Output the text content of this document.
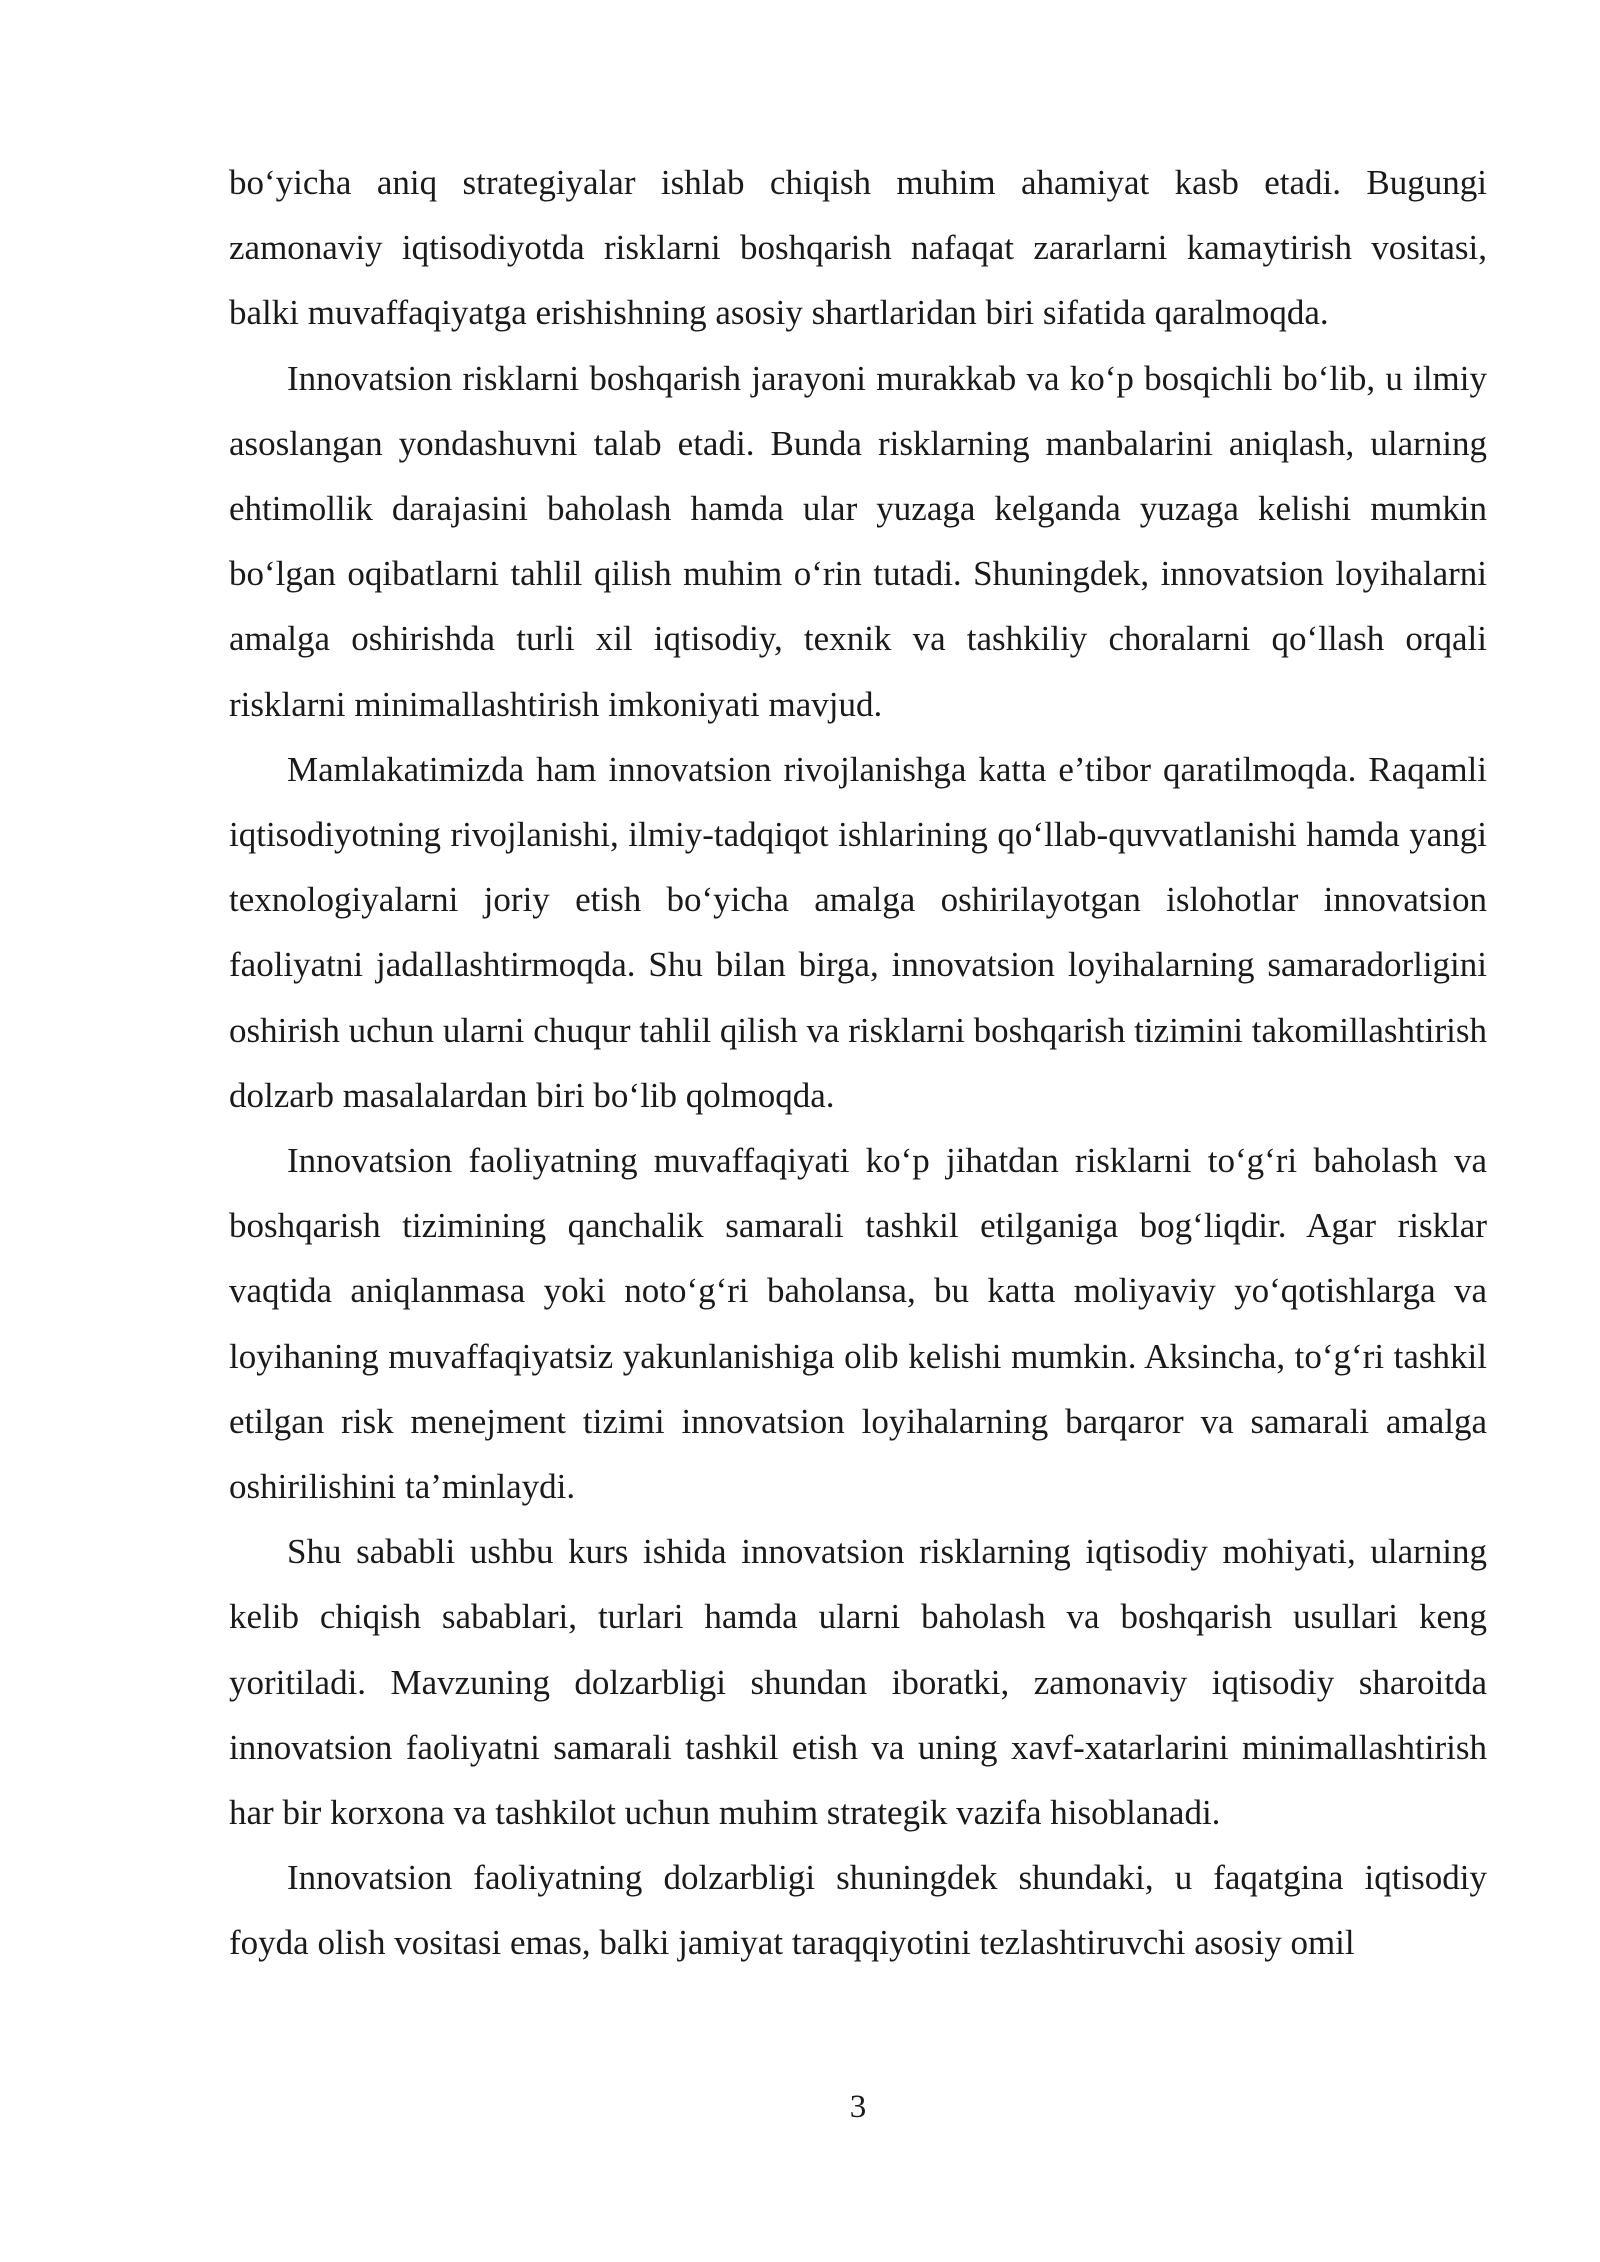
bo‘yicha aniq strategiyalar ishlab chiqish muhim ahamiyat kasb etadi. Bugungi zamonaviy iqtisodiyotda risklarni boshqarish nafaqat zararlarni kamaytirish vositasi, balki muvaffaqiyatga erishishning asosiy shartlaridan biri sifatida qaralmoqda.

Innovatsion risklarni boshqarish jarayoni murakkab va ko‘p bosqichli bo‘lib, u ilmiy asoslangan yondashuvni talab etadi. Bunda risklarning manbalarini aniqlash, ularning ehtimollik darajasini baholash hamda ular yuzaga kelganda yuzaga kelishi mumkin bo‘lgan oqibatlarni tahlil qilish muhim o‘rin tutadi. Shuningdek, innovatsion loyihalarni amalga oshirishda turli xil iqtisodiy, texnik va tashkiliy choralarni qo‘llash orqali risklarni minimallashtirish imkoniyati mavjud.

Mamlakatimizda ham innovatsion rivojlanishga katta e’tibor qaratilmoqda. Raqamli iqtisodiyotning rivojlanishi, ilmiy-tadqiqot ishlarining qo‘llab-quvvatlanishi hamda yangi texnologiyalarni joriy etish bo‘yicha amalga oshirilayotgan islohotlar innovatsion faoliyatni jadallashtirmoqda. Shu bilan birga, innovatsion loyihalarning samaradorligini oshirish uchun ularni chuqur tahlil qilish va risklarni boshqarish tizimini takomillashtirish dolzarb masalalardan biri bo‘lib qolmoqda.

Innovatsion faoliyatning muvaffaqiyati ko‘p jihatdan risklarni to‘g‘ri baholash va boshqarish tizimining qanchalik samarali tashkil etilganiga bog‘liqdir. Agar risklar vaqtida aniqlanmasa yoki noto‘g‘ri baholansa, bu katta moliyaviy yo‘qotishlarga va loyihaning muvaffaqiyatsiz yakunlanishiga olib kelishi mumkin. Aksincha, to‘g‘ri tashkil etilgan risk menejment tizimi innovatsion loyihalarning barqaror va samarali amalga oshirilishini ta’minlaydi.

Shu sababli ushbu kurs ishida innovatsion risklarning iqtisodiy mohiyati, ularning kelib chiqish sabablari, turlari hamda ularni baholash va boshqarish usullari keng yoritiladi. Mavzuning dolzarbligi shundan iboratki, zamonaviy iqtisodiy sharoitda innovatsion faoliyatni samarali tashkil etish va uning xavf-xatarlarini minimallashtirish har bir korxona va tashkilot uchun muhim strategik vazifa hisoblanadi.

Innovatsion faoliyatning dolzarbligi shuningdek shundaki, u faqatgina iqtisodiy foyda olish vositasi emas, balki jamiyat taraqqiyotini tezlashtiruvchi asosiy omil

3
